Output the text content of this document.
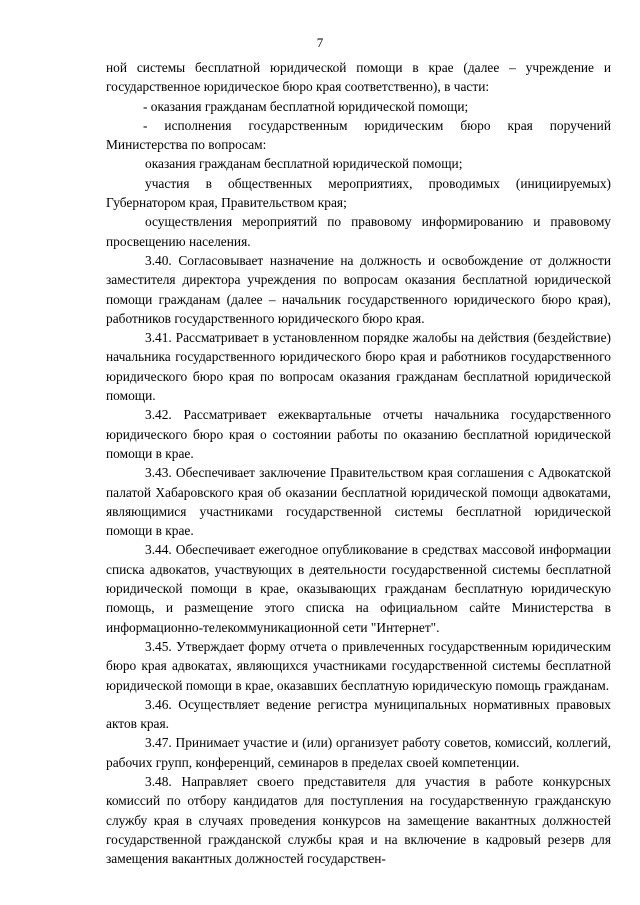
7

ной системы бесплатной юридической помощи в крае (далее – учреждение и государственное юридическое бюро края соответственно), в части:

- оказания гражданам бесплатной юридической помощи;

- исполнения государственным юридическим бюро края поручений Министерства по вопросам:

оказания гражданам бесплатной юридической помощи;

участия в общественных мероприятиях, проводимых (инициируемых) Губернатором края, Правительством края;

осуществления мероприятий по правовому информированию и правовому просвещению населения.

3.40. Согласовывает назначение на должность и освобождение от должности заместителя директора учреждения по вопросам оказания бесплатной юридической помощи гражданам (далее – начальник государственного юридического бюро края), работников государственного юридического бюро края.

3.41. Рассматривает в установленном порядке жалобы на действия (бездействие) начальника государственного юридического бюро края и работников государственного юридического бюро края по вопросам оказания гражданам бесплатной юридической помощи.

3.42. Рассматривает ежеквартальные отчеты начальника государственного юридического бюро края о состоянии работы по оказанию бесплатной юридической помощи в крае.

3.43. Обеспечивает заключение Правительством края соглашения с Адвокатской палатой Хабаровского края об оказании бесплатной юридической помощи адвокатами, являющимися участниками государственной системы бесплатной юридической помощи в крае.

3.44. Обеспечивает ежегодное опубликование в средствах массовой информации списка адвокатов, участвующих в деятельности государственной системы бесплатной юридической помощи в крае, оказывающих гражданам бесплатную юридическую помощь, и размещение этого списка на официальном сайте Министерства в информационно-телекоммуникационной сети "Интернет".

3.45. Утверждает форму отчета о привлеченных государственным юридическим бюро края адвокатах, являющихся участниками государственной системы бесплатной юридической помощи в крае, оказавших бесплатную юридическую помощь гражданам.

3.46. Осуществляет ведение регистра муниципальных нормативных правовых актов края.

3.47. Принимает участие и (или) организует работу советов, комиссий, коллегий, рабочих групп, конференций, семинаров в пределах своей компетенции.

3.48. Направляет своего представителя для участия в работе конкурсных комиссий по отбору кандидатов для поступления на государственную гражданскую службу края в случаях проведения конкурсов на замещение вакантных должностей государственной гражданской службы края и на включение в кадровый резерв для замещения вакантных должностей государствен-
